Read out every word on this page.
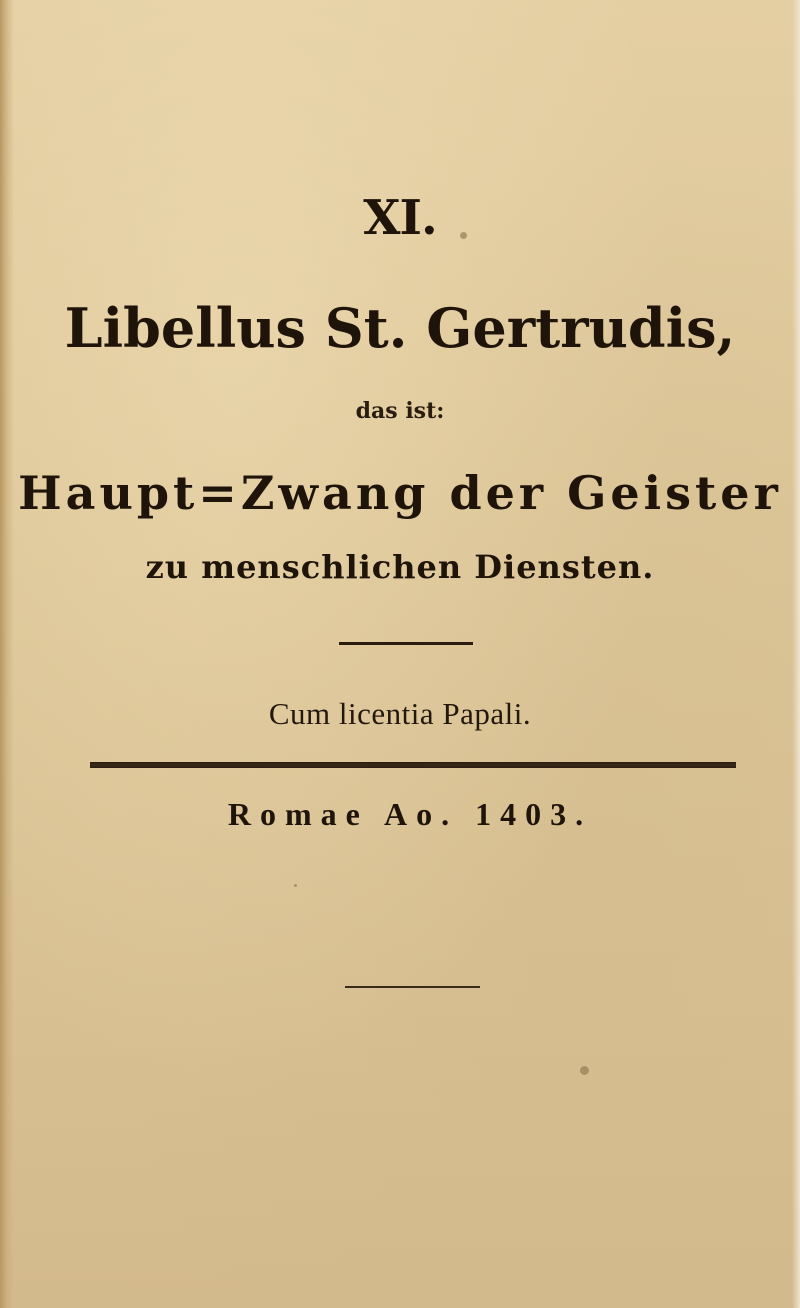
XI.
Libellus St. Gertrudis,
das ist:
Haupt=Zwang der Geister
zu menschlichen Diensten.
Cum licentia Papali.
Romae Ao. 1403.
